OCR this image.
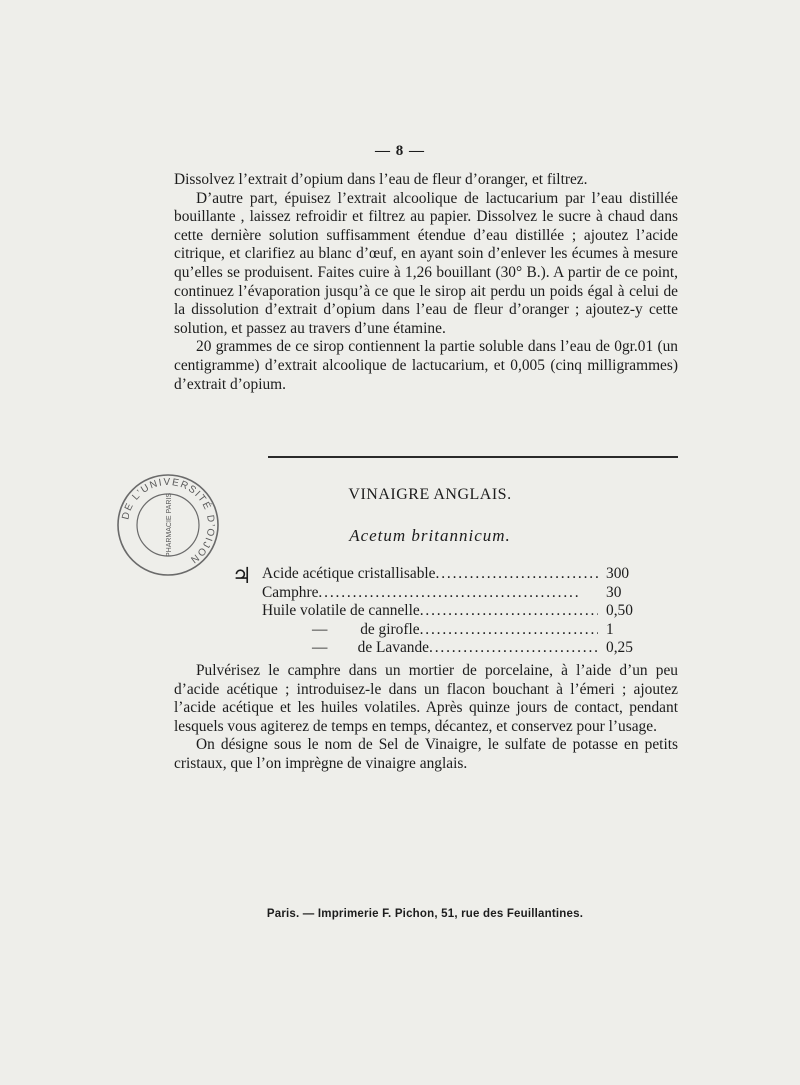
— 8 —

Dissolvez l’extrait d’opium dans l’eau de fleur d’oranger, et filtrez.

D’autre part, épuisez l’extrait alcoolique de lactucarium par l’eau distillée bouillante , laissez refroidir et filtrez au papier. Dissolvez le sucre à chaud dans cette dernière solution suffisamment étendue d’eau distillée ; ajoutez l’acide citrique, et clarifiez au blanc d’œuf, en ayant soin d’enlever les écumes à mesure qu’elles se produisent. Faites cuire à 1,26 bouillant (30° B.). A partir de ce point, continuez l’évaporation jusqu’à ce que le sirop ait perdu un poids égal à celui de la dissolution d’extrait d’opium dans l’eau de fleur d’oranger ; ajoutez-y cette solution, et passez au travers d’une étamine.

20 grammes de ce sirop contiennent la partie soluble dans l’eau de 0gr.01 (un centigramme) d’extrait alcoolique de lactucarium, et 0,005 (cinq milligrammes) d’extrait d’opium.

DE L’UNIVERSITÉ D’OIJON
PHARMACIE PARIS	VINAIGRE ANGLAIS.
Acetum britannicum.
♃ Acide acétique cristallisable . . .	300
Camphre . . .	30
Huile volatile de cannelle . . .	0,50
—	de girofle . . .	1
—	de Lavande . . .	0,25

Pulvérisez le camphre dans un mortier de porcelaine, à l’aide d’un peu d’acide acétique ; introduisez-le dans un flacon bouchant à l’émeri ; ajoutez l’acide acétique et les huiles volatiles. Après quinze jours de contact, pendant lesquels vous agiterez de temps en temps, décantez, et conservez pour l’usage.

On désigne sous le nom de Sel de Vinaigre, le sulfate de potasse en petits cristaux, que l’on imprègne de vinaigre anglais.

Paris. — Imprimerie F. Pichon, 51, rue des Feuillantines.
